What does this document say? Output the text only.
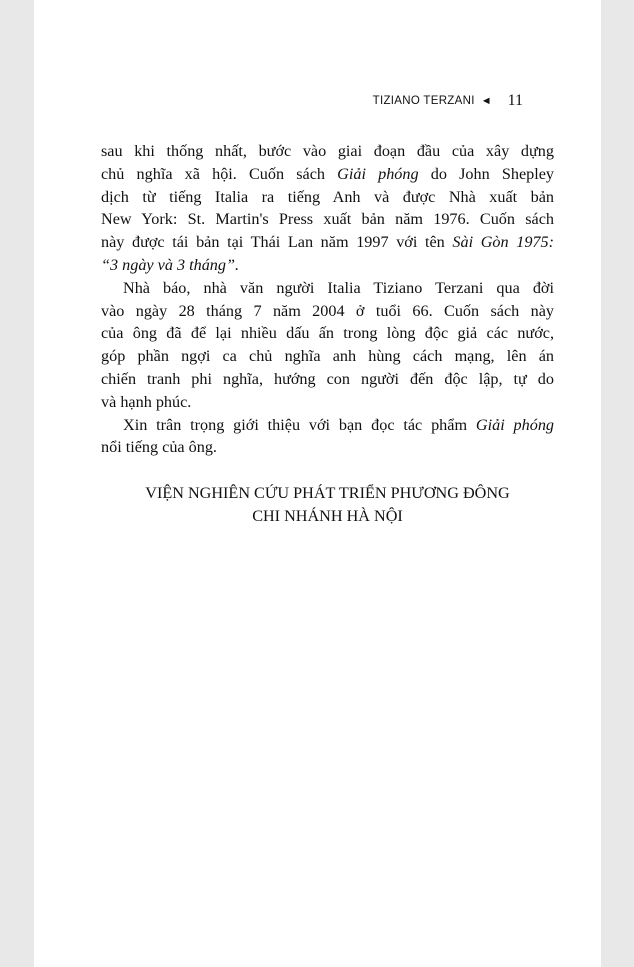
TIZIANO TERZANI ◄ 11

sau khi thống nhất, bước vào giai đoạn đầu của xây dựng
chủ nghĩa xã hội. Cuốn sách Giải phóng do John Shepley
dịch từ tiếng Italia ra tiếng Anh và được Nhà xuất bản
New York: St. Martin's Press xuất bản năm 1976. Cuốn sách
này được tái bản tại Thái Lan năm 1997 với tên Sài Gòn 1975:
“3 ngày và 3 tháng”.

Nhà báo, nhà văn người Italia Tiziano Terzani qua đời
vào ngày 28 tháng 7 năm 2004 ở tuổi 66. Cuốn sách này
của ông đã để lại nhiều dấu ấn trong lòng độc giả các nước,
góp phần ngợi ca chủ nghĩa anh hùng cách mạng, lên án
chiến tranh phi nghĩa, hướng con người đến độc lập, tự do
và hạnh phúc.

Xin trân trọng giới thiệu với bạn đọc tác phẩm Giải phóng
nổi tiếng của ông.

VIỆN NGHIÊN CỨU PHÁT TRIỂN PHƯƠNG ĐÔNG
CHI NHÁNH HÀ NỘI
